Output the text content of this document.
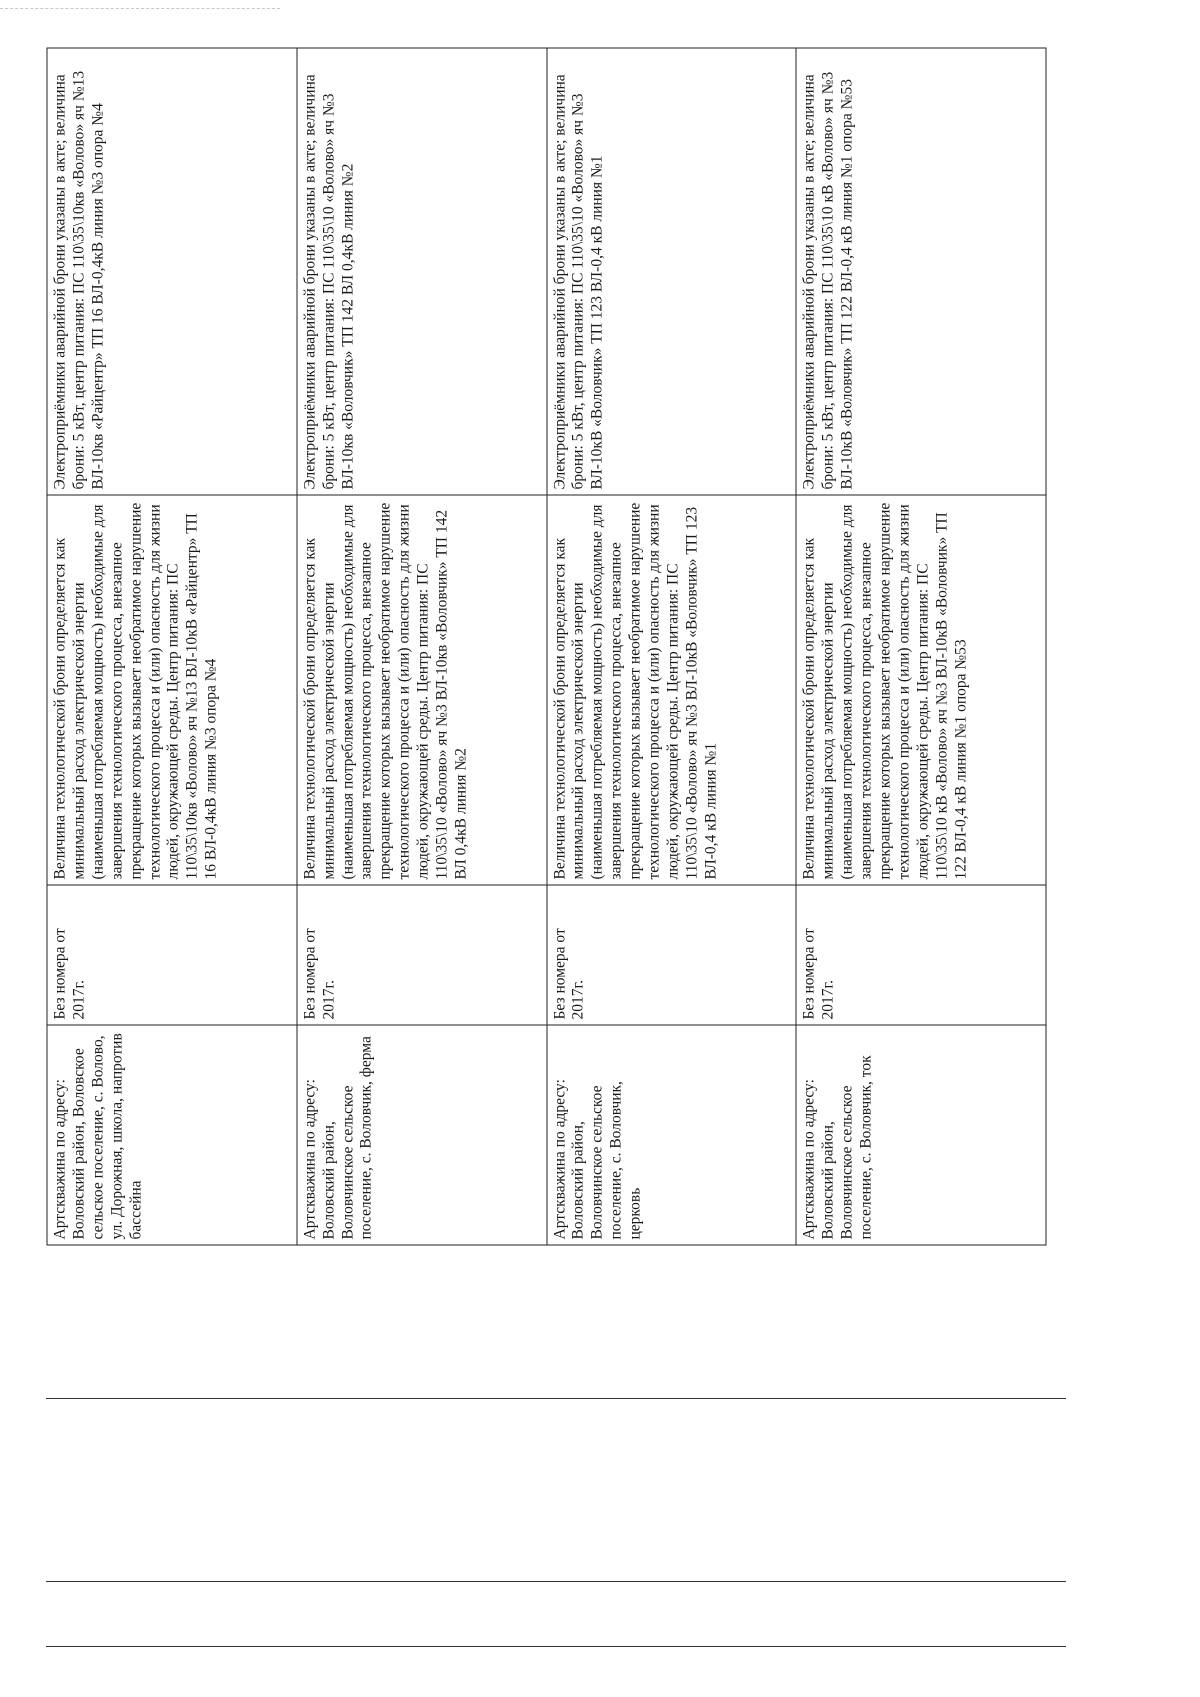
Артскважина по адресу: Воловский район, Воловское сельское поселение, с. Волово, ул. Дорожная, школа, напротив бассейна	Без номера от 2017г.	Величина технологической брони определяется как минимальный расход электрической энергии (наименьшая потребляемая мощность) необходимые для завершения технологического процесса, внезапное прекращение которых вызывает необратимое нарушение технологического процесса и (или) опасность для жизни людей, окружающей среды. Центр питания: ПС 110\35\10кв «Волово» яч №13 ВЛ-10кВ «Райцентр» ТП 16 ВЛ-0,4кВ линия №3 опора №4	Электроприёмники аварийной брони указаны в акте; величина брони: 5 кВт, центр питания: ПС 110\35\10кв «Волово» яч №13 ВЛ-10кв «Райцентр» ТП 16 ВЛ-0,4кВ линия №3 опора №4
Артскважина по адресу: Воловский район, Воловчинское сельское поселение, с. Воловчик, ферма	Без номера от 2017г.	Величина технологической брони определяется как минимальный расход электрической энергии (наименьшая потребляемая мощность) необходимые для завершения технологического процесса, внезапное прекращение которых вызывает необратимое нарушение технологического процесса и (или) опасность для жизни людей, окружающей среды. Центр питания: ПС 110\35\10 «Волово» яч №3 ВЛ-10кв «Воловчик» ТП 142 ВЛ 0,4кВ линия №2	Электроприёмники аварийной брони указаны в акте; величина брони: 5 кВт, центр питания: ПС 110\35\10 «Волово» яч №3 ВЛ-10кв «Воловчик» ТП 142 ВЛ 0,4кВ линия №2
Артскважина по адресу: Воловский район, Воловчинское сельское поселение, с. Воловчик, церковь	Без номера от 2017г.	Величина технологической брони определяется как минимальный расход электрической энергии (наименьшая потребляемая мощность) необходимые для завершения технологического процесса, внезапное прекращение которых вызывает необратимое нарушение технологического процесса и (или) опасность для жизни людей, окружающей среды. Центр питания: ПС 110\35\10 «Волово» яч №3 ВЛ-10кВ «Воловчик» ТП 123 ВЛ-0,4 кВ линия №1	Электроприёмники аварийной брони указаны в акте; величина брони: 5 кВт, центр питания: ПС 110\35\10 «Волово» яч №3 ВЛ-10кВ «Воловчик» ТП 123 ВЛ-0,4 кВ линия №1
Артскважина по адресу: Воловский район, Воловчинское сельское поселение, с. Воловчик, ток	Без номера от 2017г.	Величина технологической брони определяется как минимальный расход электрической энергии (наименьшая потребляемая мощность) необходимые для завершения технологического процесса, внезапное прекращение которых вызывает необратимое нарушение технологического процесса и (или) опасность для жизни людей, окружающей среды. Центр питания: ПС 110\35\10 кВ «Волово» яч №3 ВЛ-10кВ «Воловчик» ТП 122 ВЛ-0,4 кВ линия №1 опора №53	Электроприёмники аварийной брони указаны в акте; величина брони: 5 кВт, центр питания: ПС 110\35\10 кВ «Волово» яч №3 ВЛ-10кВ «Воловчик» ТП 122 ВЛ-0,4 кВ линия №1 опора №53
